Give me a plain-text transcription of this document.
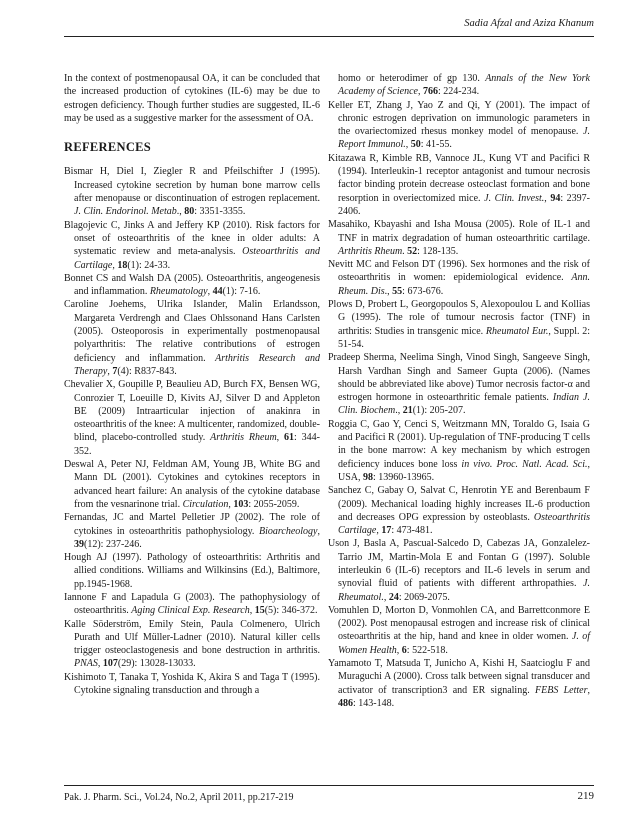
Sadia Afzal and Aziza Khanum

In the context of postmenopausal OA, it can be concluded that the increased production of cytokines (IL-6) may be due to estrogen deficiency. Though further studies are suggested, IL-6 may be used as a suggestive marker for the assessment of OA.

REFERENCES

Bismar H, Diel I, Ziegler R and Pfeilschifter J (1995). Increased cytokine secretion by human bone marrow cells after menopause or discontinuation of estrogen replacement. J. Clin. Endorinol. Metab., 80: 3351-3355.

Blagojevic C, Jinks A and Jeffery KP (2010). Risk factors for onset of osteoarthritis of the knee in older adults: A systematic review and meta-analysis. Osteoarthritis and Cartilage, 18(1): 24-33.

Bonnet CS and Walsh DA (2005). Osteoarthritis, angeogenesis and inflammation. Rheumatology, 44(1): 7-16.

Caroline Joehems, Ulrika Islander, Malin Erlandsson, Margareta Verdrengh and Claes Ohlssonand Hans Carlsten (2005). Osteoporosis in experimentally postmenopausal polyarthritis: The relative contributions of estrogen deficiency and inflammation. Arthritis Research and Therapy, 7(4): R837-843.

Chevalier X, Goupille P, Beaulieu AD, Burch FX, Bensen WG, Conrozier T, Loeuille D, Kivits AJ, Silver D and Appleton BE (2009) Intraarticular injection of anakinra in osteoarthritis of the knee: A multicenter, randomized, double-blind, placebo-controlled study. Arthritis Rheum, 61: 344-352.

Deswal A, Peter NJ, Feldman AM, Young JB, White BG and Mann DL (2001). Cytokines and cytokines receptors in advanced heart failure: An analysis of the cytokine database from the vesnarinone trial. Circulation, 103: 2055-2059.

Fernandas, JC and Martel Pelletier JP (2002). The role of cytokines in osteoarthritis pathophysiology. Bioarcheology, 39(12): 237-246.

Hough AJ (1997). Pathology of osteoarthritis: Arthritis and allied conditions. Williams and Wilkinsins (Ed.), Baltimore, pp.1945-1968.

Iannone F and Lapadula G (2003). The pathophysiology of osteoarthritis. Aging Clinical Exp. Research, 15(5): 346-372.

Kalle Söderström, Emily Stein, Paula Colmenero, Ulrich Purath and Ulf Müller-Ladner (2010). Natural killer cells trigger osteoclastogenesis and bone destruction in arthritis. PNAS, 107(29): 13028-13033.

Kishimoto T, Tanaka T, Yoshida K, Akira S and Taga T (1995). Cytokine signaling transduction and through a

homo or heterodimer of gp 130. Annals of the New York Academy of Science, 766: 224-234.

Keller ET, Zhang J, Yao Z and Qi, Y (2001). The impact of chronic estrogen deprivation on immunologic parameters in the ovariectomized rhesus monkey model of menopause. J. Report Immunol., 50: 41-55.

Kitazawa R, Kimble RB, Vannoce JL, Kung VT and Pacifici R (1994). Interleukin-1 receptor antagonist and tumour necrosis factor binding protein decrease osteoclast formation and bone resorption in overiectomized mice. J. Clin. Invest., 94: 2397-2406.

Masahiko, Kbayashi and Isha Mousa (2005). Role of IL-1 and TNF in matrix degradation of human osteoarthritic cartilage. Arthritis Rheum. 52: 128-135.

Nevitt MC and Felson DT (1996). Sex hormones and the risk of osteoarthritis in women: epidemiological evidence. Ann. Rheum. Dis., 55: 673-676.

Plows D, Probert L, Georgopoulos S, Alexopoulou L and Kollias G (1995). The role of tumour necrosis factor (TNF) in arthritis: Studies in transgenic mice. Rheumatol Eur., Suppl. 2: 51-54.

Pradeep Sherma, Neelima Singh, Vinod Singh, Sangeeve Singh, Harsh Vardhan Singh and Sameer Gupta (2006). (Names should be abbreviated like above) Tumor necrosis factor-α and estrogen hormone in osteoarthritic female patients. Indian J. Clin. Biochem., 21(1): 205-207.

Roggia C, Gao Y, Cenci S, Weitzmann MN, Toraldo G, Isaia G and Pacifici R (2001). Up-regulation of TNF-producing T cells in the bone marrow: A key mechanism by which estrogen deficiency induces bone loss in vivo. Proc. Natl. Acad. Sci., USA, 98: 13960-13965.

Sanchez C, Gabay O, Salvat C, Henrotin YE and Berenbaum F (2009). Mechanical loading highly increases IL-6 production and decreases OPG expression by osteoblasts. Osteoarthritis Cartilage, 17: 473-481.

Uson J, Basla A, Pascual-Salcedo D, Cabezas JA, Gonzalelez-Tarrio JM, Martin-Mola E and Fontan G (1997). Soluble interleukin 6 (IL-6) receptors and IL-6 levels in serum and synovial fluid of patients with different arthropathies. J. Rheumatol., 24: 2069-2075.

Vomuhlen D, Morton D, Vonmohlen CA, and Barrettconmore E (2002). Post menopausal estrogen and increase risk of clinical osteoarthritis at the hip, hand and knee in older women. J. of Women Health, 6: 522-518.

Yamamoto T, Matsuda T, Junicho A, Kishi H, Saatcioglu F and Muraguchi A (2000). Cross talk between signal transducer and activator of transcription3 and ER signaling. FEBS Letter, 486: 143-148.

Pak. J. Pharm. Sci., Vol.24, No.2, April 2011, pp.217-219	219
